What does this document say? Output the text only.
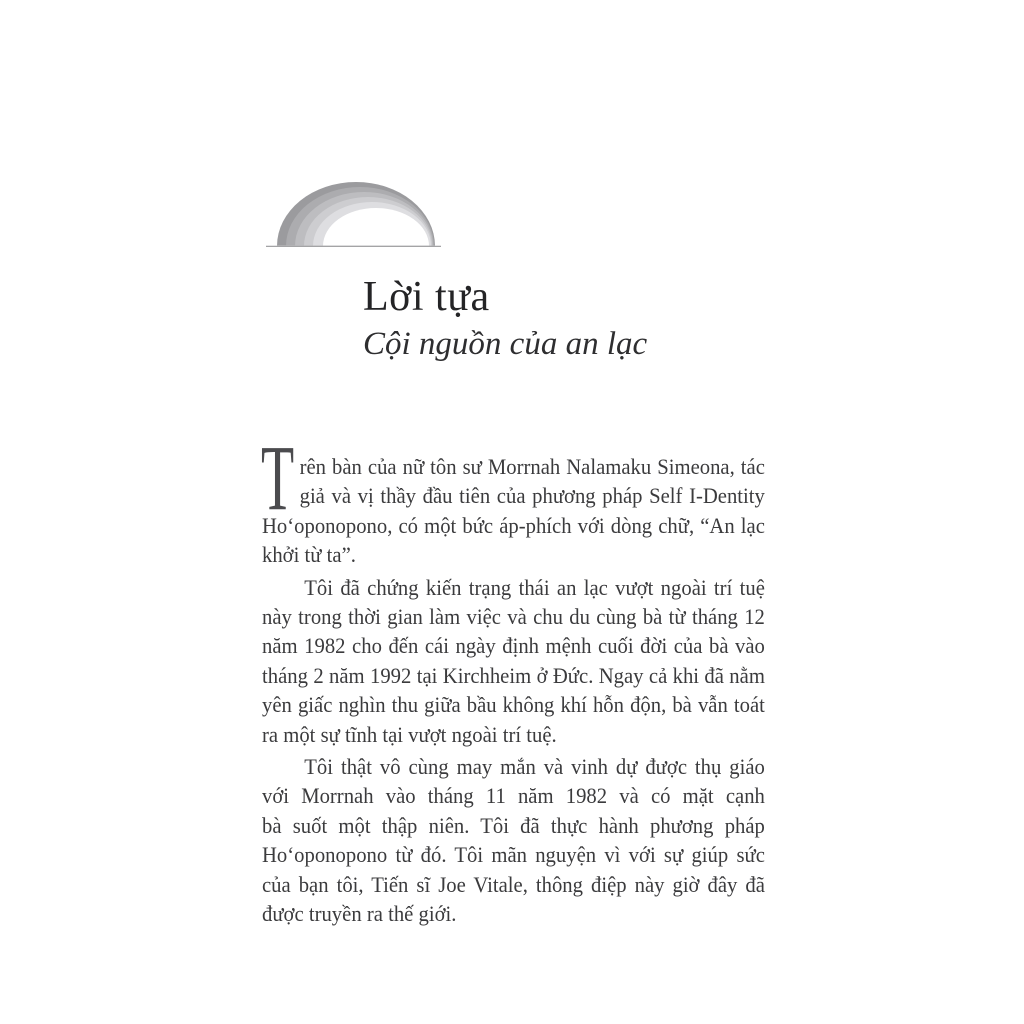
Lời tựa
Cội nguồn của an lạc
T rên bàn của nữ tôn sư Morrnah Nalamaku Simeona, tác
giả và vị thầy đầu tiên của phương pháp Self I-Dentity
Hoʻoponopono, có một bức áp-phích với dòng chữ, “An lạc
khởi từ ta”.
Tôi đã chứng kiến trạng thái an lạc vượt ngoài trí tuệ
này trong thời gian làm việc và chu du cùng bà từ tháng 12
năm 1982 cho đến cái ngày định mệnh cuối đời của bà vào
tháng 2 năm 1992 tại Kirchheim ở Đức. Ngay cả khi đã nằm
yên giấc nghìn thu giữa bầu không khí hỗn độn, bà vẫn toát
ra một sự tĩnh tại vượt ngoài trí tuệ.
Tôi thật vô cùng may mắn và vinh dự được thụ giáo
với Morrnah vào tháng 11 năm 1982 và có mặt cạnh
bà suốt một thập niên. Tôi đã thực hành phương pháp
Hoʻoponopono từ đó. Tôi mãn nguyện vì với sự giúp sức
của bạn tôi, Tiến sĩ Joe Vitale, thông điệp này giờ đây đã
được truyền ra thế giới.
